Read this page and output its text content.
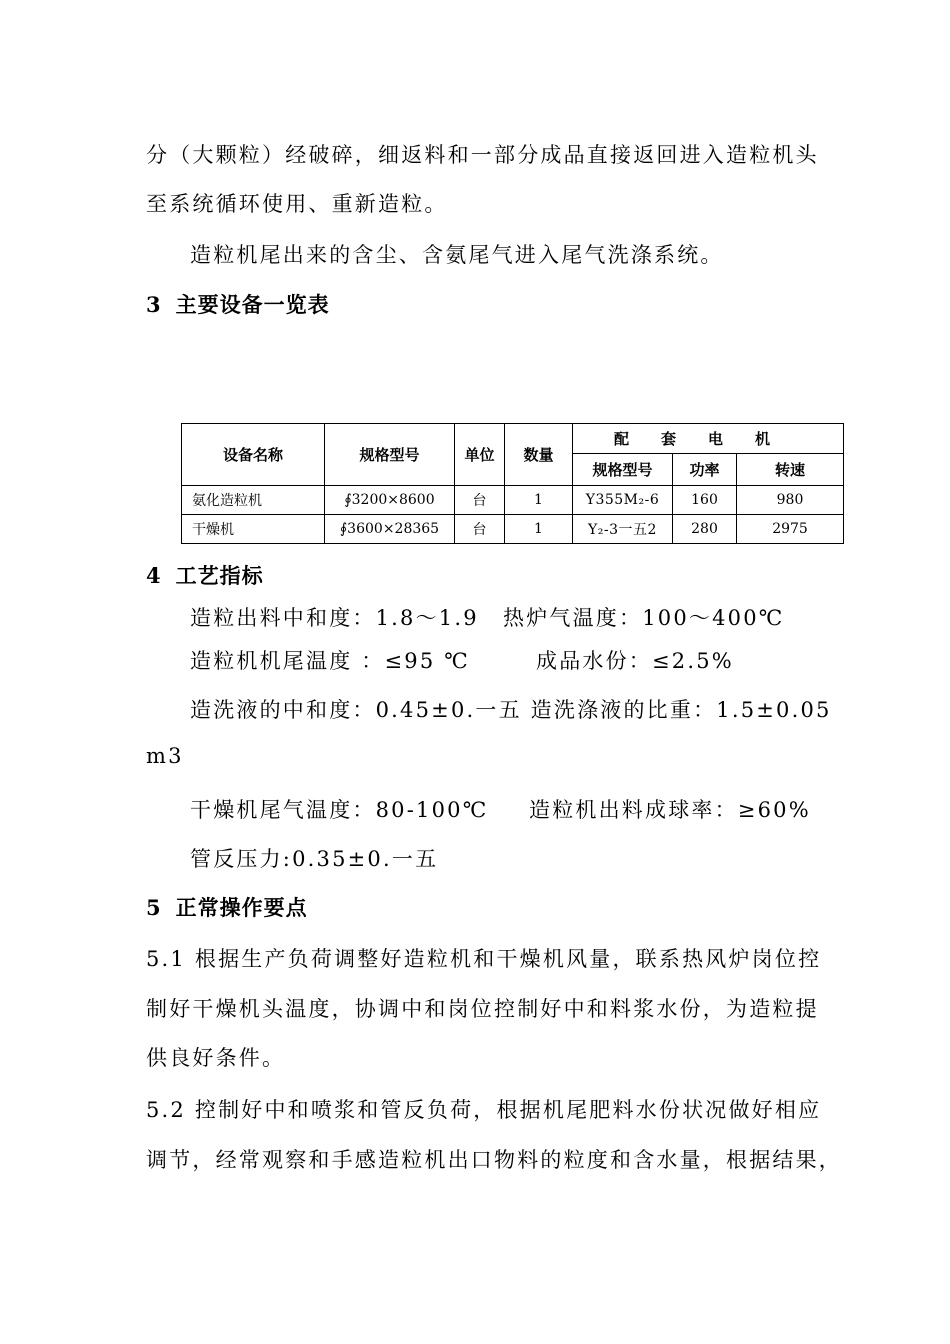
分（大颗粒）经破碎，细返料和一部分成品直接返回进入造粒机头
至系统循环使用、重新造粒。
造粒机尾出来的含尘、含氨尾气进入尾气洗涤系统。
3 主要设备一览表
设备名称	规格型号	单位	数量	配套电机		
				规格型号	功率	转速
氨化造粒机	∮3200×8600	台	1	Y355M₂-6	160	980
干燥机	∮3600×28365	台	1	Y₂-3一五2	280	2975
4 工艺指标
造粒出料中和度：1.8～1.9 热炉气温度：100～400℃
造粒机机尾温度 ：≤95 ℃	成品水份：≤2.5%
造洗液的中和度：0.45±0.一五 造洗涤液的比重：1.5±0.05
m3
干燥机尾气温度：80-100℃ 造粒机出料成球率：≥60%
管反压力:0.35±0.一五
5 正常操作要点
5.1 根据生产负荷调整好造粒机和干燥机风量，联系热风炉岗位控
制好干燥机头温度，协调中和岗位控制好中和料浆水份，为造粒提
供良好条件。
5.2 控制好中和喷浆和管反负荷，根据机尾肥料水份状况做好相应
调节，经常观察和手感造粒机出口物料的粒度和含水量，根据结果，
